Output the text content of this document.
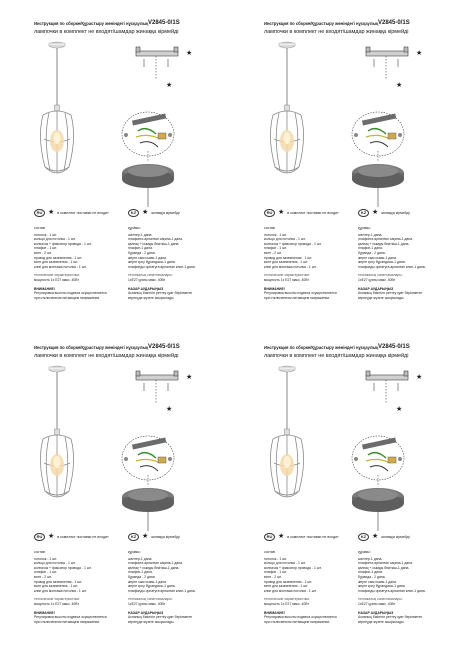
Инструкция по сборке/Құрастыру жөніндегі нұсқаулық V2845-0/1S
лампочки в комплект не входят/шамдар жинаққа кірмейді
★
★
RU ★ в комплект поставки не входит	KZ ★ жинаққа кірмейді
состав:
потолок - 1 шт.
кольцо для потолка - 1 шт.
колпачок + фиксатор провода - 1 шт.
плафон - 1 шт.
винт - 2 шт.
провод для заземления - 1 шт.
винт для заземления - 1 шт.
клип для монтажа потолка - 1 шт.
технические характеристики:
мощность 1x E27 макс. 40Вт
ВНИМАНИЕ!
Регулировка высоты подвеса осуществляется
при отключенном питающем напряжении.
құрамы:
шелтер-1 дана.
плафонға арналған сақина-1 дана.
қалпақ + сымды бекіткіш-1 дана.
плафон-1 дана.
бұранда - 2 дана.
жерге сым сымы-1 дана.
жерге қосу бұрандасы-1 дана.
плафонды орнатуға арналған клип-1 дана.
техникалық сипаттамалары:
1xE27 қуаты макс. 40Вт
НАЗАР АУДАРЫҢЫЗ
Аспаның биіктігін реттеу қуат берілмеген
кернеуде жүзеге асырылады.
Инструкция по сборке/Құрастыру жөніндегі нұсқаулық V2845-0/1S
лампочки в комплект не входят/шамдар жинаққа кірмейді
★
★
RU ★ в комплект поставки не входит	KZ ★ жинаққа кірмейді
состав:
потолок - 1 шт.
кольцо для потолка - 1 шт.
колпачок + фиксатор провода - 1 шт.
плафон - 1 шт.
винт - 2 шт.
провод для заземления - 1 шт.
винт для заземления - 1 шт.
клип для монтажа потолка - 1 шт.
технические характеристики:
мощность 1x E27 макс. 40Вт
ВНИМАНИЕ!
Регулировка высоты подвеса осуществляется
при отключенном питающем напряжении.
құрамы:
шелтер-1 дана.
плафонға арналған сақина-1 дана.
қалпақ + сымды бекіткіш-1 дана.
плафон-1 дана.
бұранда - 2 дана.
жерге сым сымы-1 дана.
жерге қосу бұрандасы-1 дана.
плафонды орнатуға арналған клип-1 дана.
техникалық сипаттамалары:
1xE27 қуаты макс. 40Вт
НАЗАР АУДАРЫҢЫЗ
Аспаның биіктігін реттеу қуат берілмеген
кернеуде жүзеге асырылады.
Инструкция по сборке/Құрастыру жөніндегі нұсқаулық V2845-0/1S
лампочки в комплект не входят/шамдар жинаққа кірмейді
★
★
RU ★ в комплект поставки не входит	KZ ★ жинаққа кірмейді
состав:
потолок - 1 шт.
кольцо для потолка - 1 шт.
колпачок + фиксатор провода - 1 шт.
плафон - 1 шт.
винт - 2 шт.
провод для заземления - 1 шт.
винт для заземления - 1 шт.
клип для монтажа потолка - 1 шт.
технические характеристики:
мощность 1x E27 макс. 40Вт
ВНИМАНИЕ!
Регулировка высоты подвеса осуществляется
при отключенном питающем напряжении.
құрамы:
шелтер-1 дана.
плафонға арналған сақина-1 дана.
қалпақ + сымды бекіткіш-1 дана.
плафон-1 дана.
бұранда - 2 дана.
жерге сым сымы-1 дана.
жерге қосу бұрандасы-1 дана.
плафонды орнатуға арналған клип-1 дана.
техникалық сипаттамалары:
1xE27 қуаты макс. 40Вт
НАЗАР АУДАРЫҢЫЗ
Аспаның биіктігін реттеу қуат берілмеген
кернеуде жүзеге асырылады.
Инструкция по сборке/Құрастыру жөніндегі нұсқаулық V2845-0/1S
лампочки в комплект не входят/шамдар жинаққа кірмейді
★
★
RU ★ в комплект поставки не входит	KZ ★ жинаққа кірмейді
состав:
потолок - 1 шт.
кольцо для потолка - 1 шт.
колпачок + фиксатор провода - 1 шт.
плафон - 1 шт.
винт - 2 шт.
провод для заземления - 1 шт.
винт для заземления - 1 шт.
клип для монтажа потолка - 1 шт.
технические характеристики:
мощность 1x E27 макс. 40Вт
ВНИМАНИЕ!
Регулировка высоты подвеса осуществляется
при отключенном питающем напряжении.
құрамы:
шелтер-1 дана.
плафонға арналған сақина-1 дана.
қалпақ + сымды бекіткіш-1 дана.
плафон-1 дана.
бұранда - 2 дана.
жерге сым сымы-1 дана.
жерге қосу бұрандасы-1 дана.
плафонды орнатуға арналған клип-1 дана.
техникалық сипаттамалары:
1xE27 қуаты макс. 40Вт
НАЗАР АУДАРЫҢЫЗ
Аспаның биіктігін реттеу қуат берілмеген
кернеуде жүзеге асырылады.
